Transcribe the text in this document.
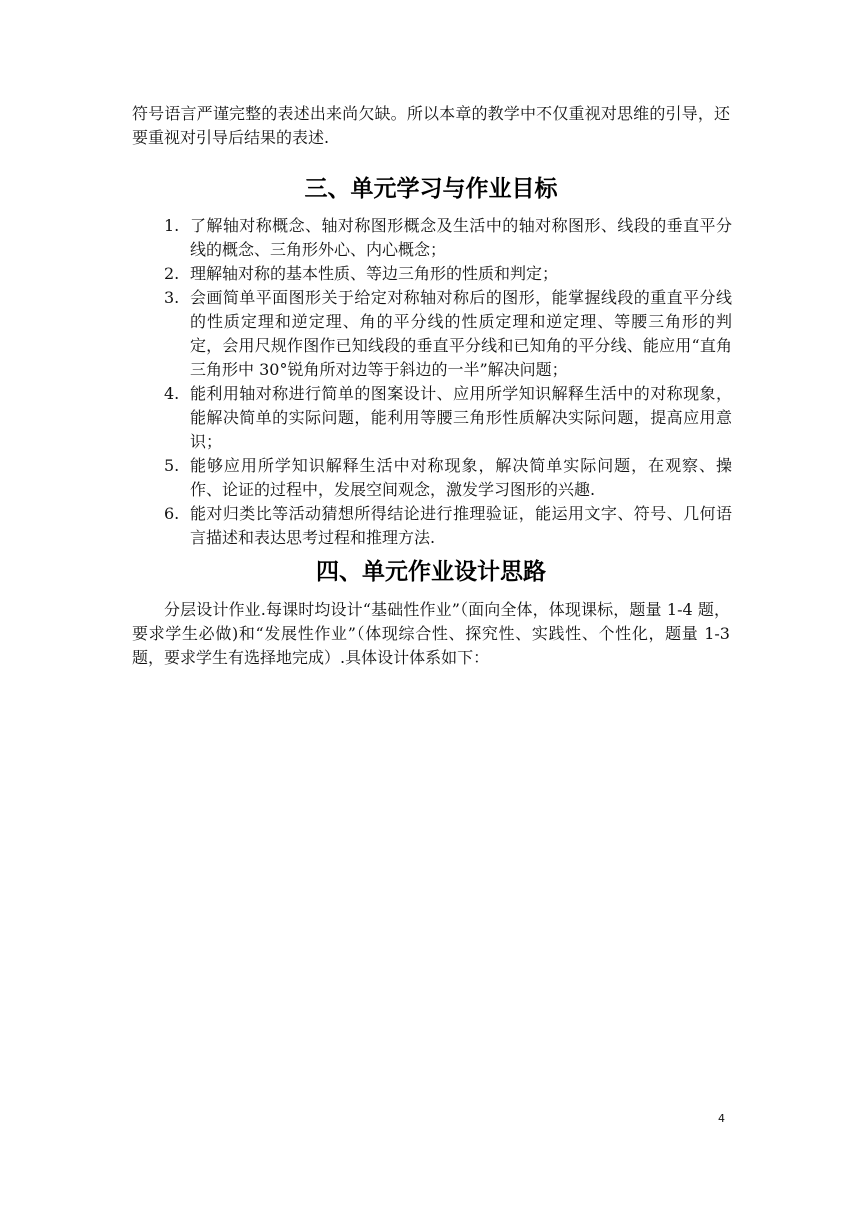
符号语言严谨完整的表述出来尚欠缺。所以本章的教学中不仅重视对思维的引导，还要重视对引导后结果的表述.

三、单元学习与作业目标
1. 了解轴对称概念、轴对称图形概念及生活中的轴对称图形、线段的垂直平分线的概念、三角形外心、内心概念；
2. 理解轴对称的基本性质、等边三角形的性质和判定；
3. 会画简单平面图形关于给定对称轴对称后的图形，能掌握线段的重直平分线的性质定理和逆定理、角的平分线的性质定理和逆定理、等腰三角形的判定，会用尺规作图作已知线段的垂直平分线和已知角的平分线、能应用“直角三角形中 30°锐角所对边等于斜边的一半”解决问题；
4. 能利用轴对称进行简单的图案设计、应用所学知识解释生活中的对称现象，能解决简单的实际问题，能利用等腰三角形性质解决实际问题，提高应用意识；
5. 能够应用所学知识解释生活中对称现象，解决简单实际问题，在观察、操作、论证的过程中，发展空间观念，激发学习图形的兴趣.
6. 能对归类比等活动猜想所得结论进行推理验证，能运用文字、符号、几何语言描述和表达思考过程和推理方法.
四、单元作业设计思路

分层设计作业.每课时均设计“基础性作业”（面向全体，体现课标，题量 1-4 题，要求学生必做)和“发展性作业”（体现综合性、探究性、实践性、个性化，题量 1-3 题，要求学生有选择地完成）.具体设计体系如下：

4
